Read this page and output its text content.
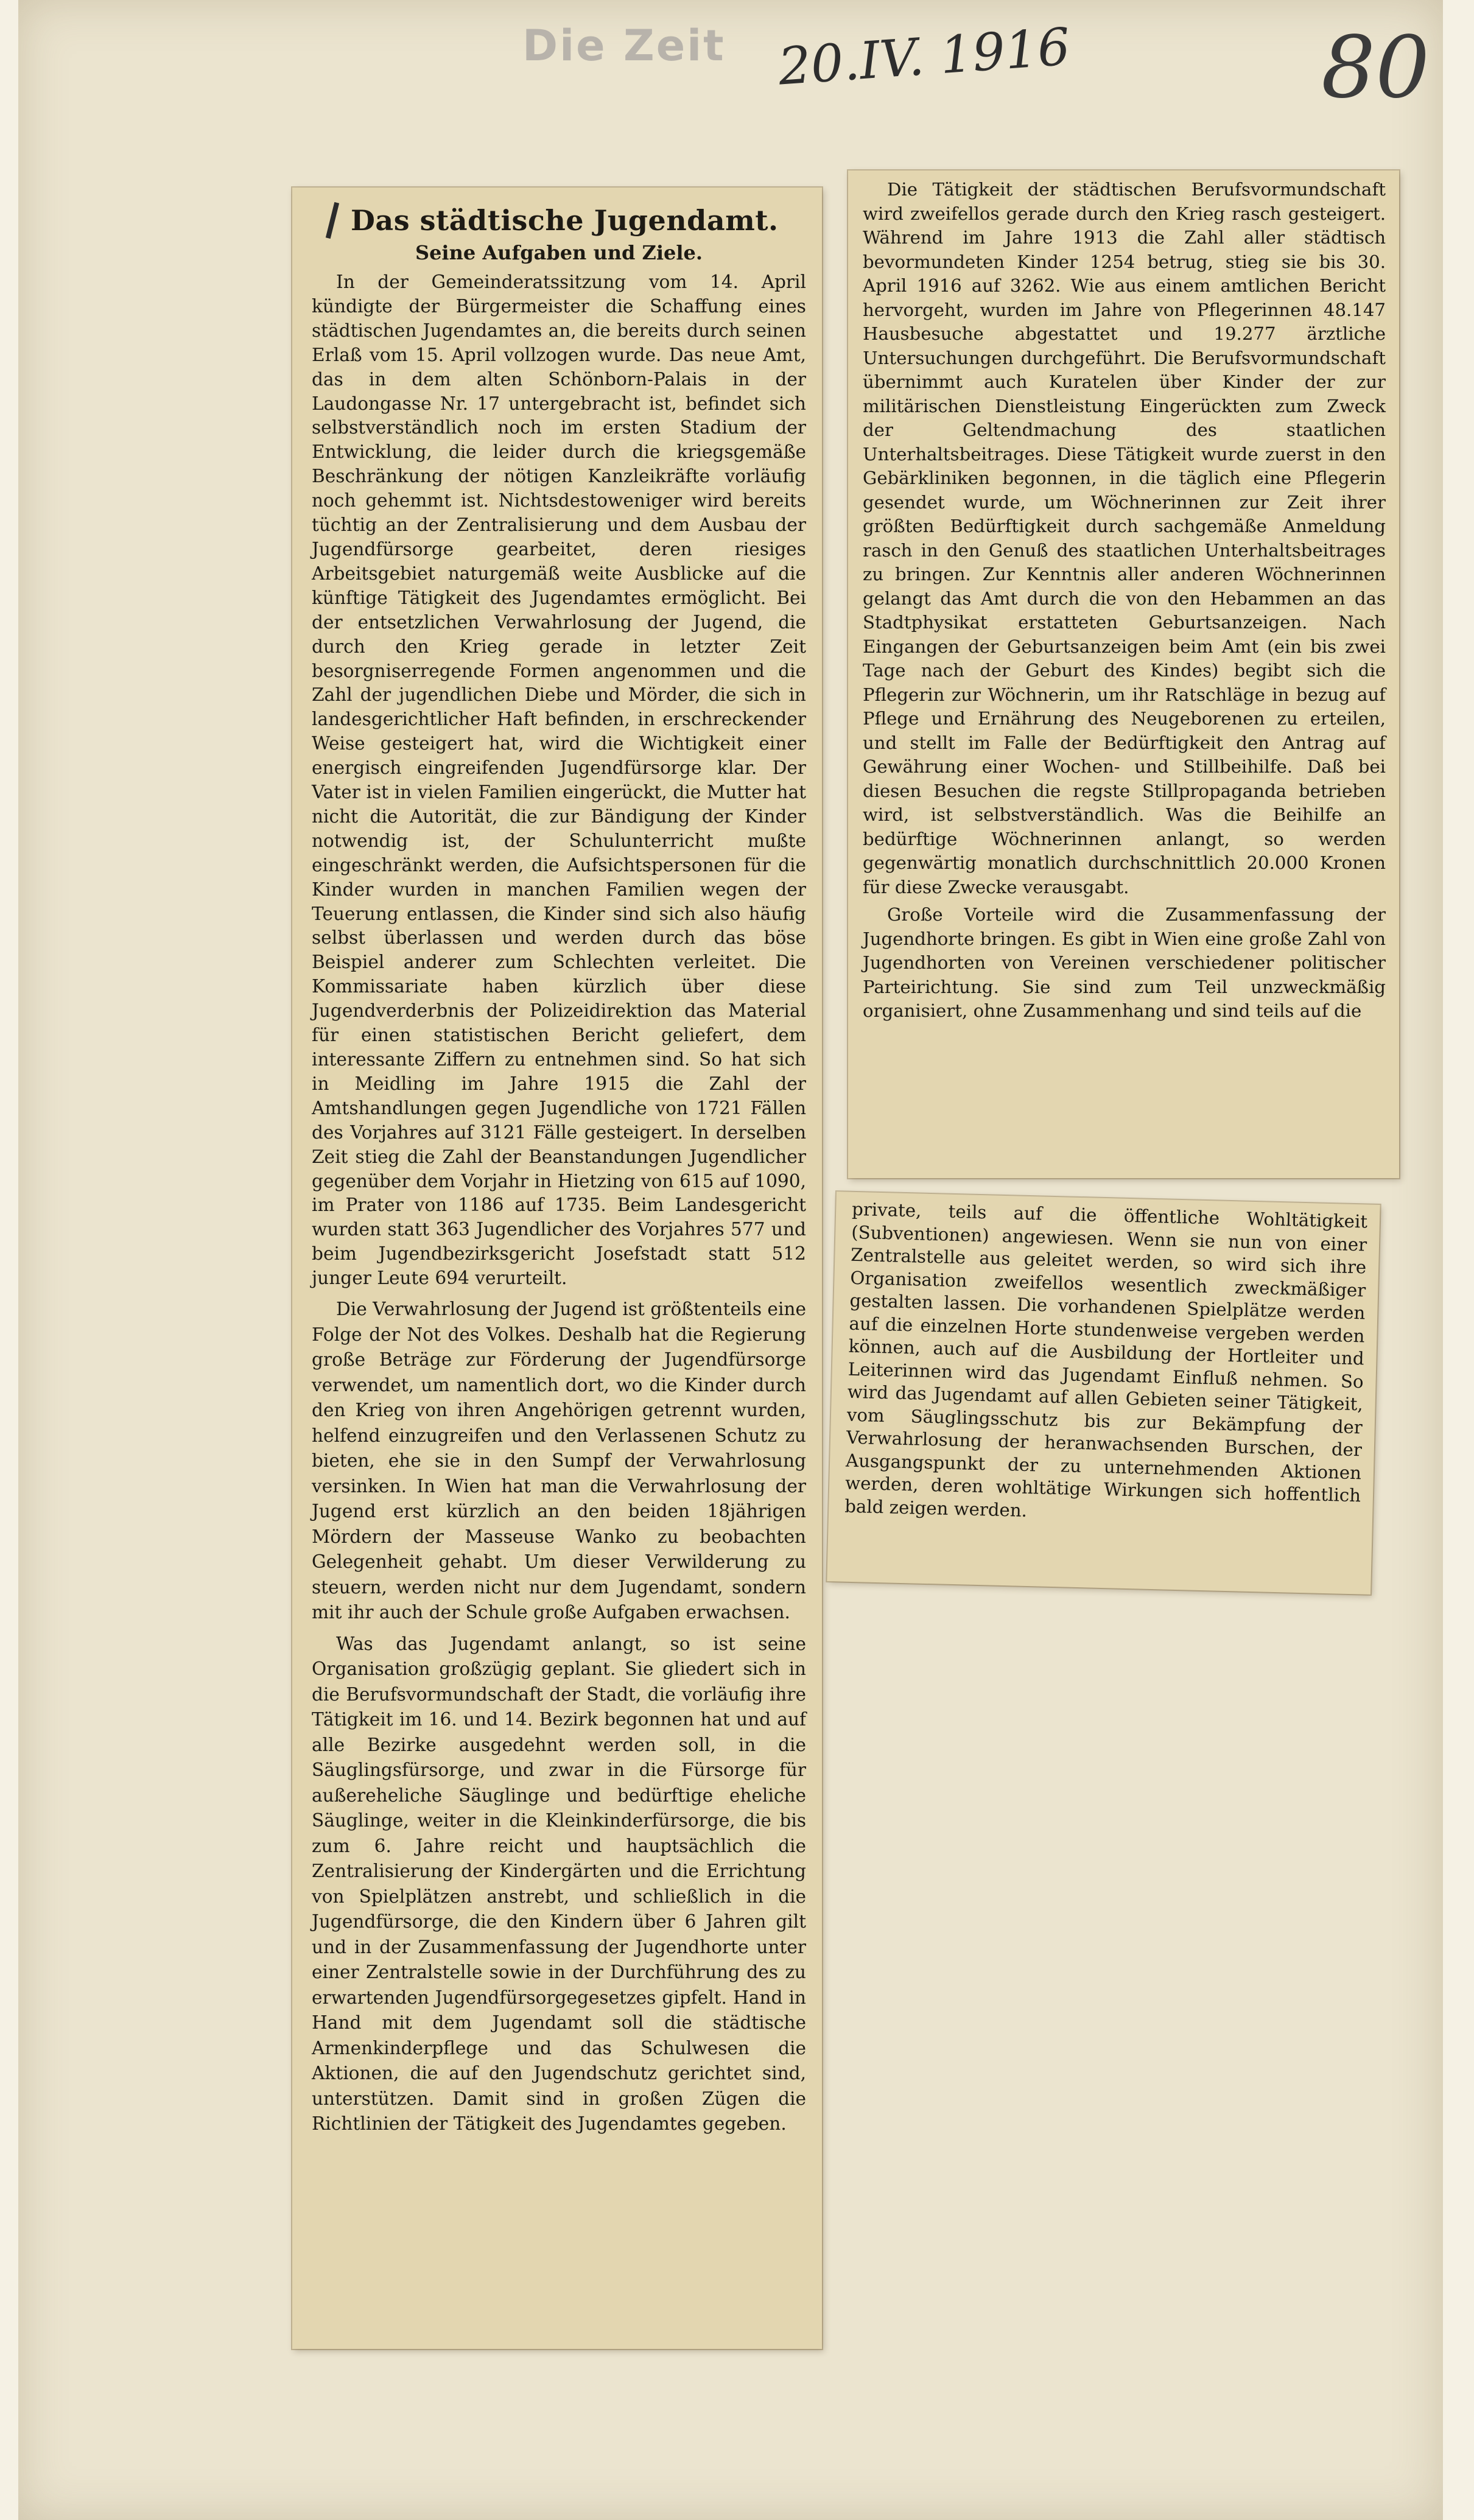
Die Zeit 20.IV. 1916	80
Das städtische Jugendamt.
Seine Aufgaben und Ziele.

In der Gemeinderatssitzung vom 14. April kündigte der Bürgermeister die Schaffung eines städtischen Jugendamtes an, die bereits durch seinen Erlaß vom 15. April vollzogen wurde. Das neue Amt, das in dem alten Schönborn-Palais in der Laudongasse Nr. 17 untergebracht ist, befindet sich selbstverständlich noch im ersten Stadium der Entwicklung, die leider durch die kriegsgemäße Beschränkung der nötigen Kanzleikräfte vorläufig noch gehemmt ist. Nichtsdestoweniger wird bereits tüchtig an der Zentralisierung und dem Ausbau der Jugendfürsorge gearbeitet, deren riesiges Arbeitsgebiet naturgemäß weite Ausblicke auf die künftige Tätigkeit des Jugendamtes ermöglicht. Bei der entsetzlichen Verwahrlosung der Jugend, die durch den Krieg gerade in letzter Zeit besorgniserregende Formen angenommen und die Zahl der jugendlichen Diebe und Mörder, die sich in landesgerichtlicher Haft befinden, in erschreckender Weise gesteigert hat, wird die Wichtigkeit einer energisch eingreifenden Jugendfürsorge klar. Der Vater ist in vielen Familien eingerückt, die Mutter hat nicht die Autorität, die zur Bändigung der Kinder notwendig ist, der Schulunterricht mußte eingeschränkt werden, die Aufsichtspersonen für die Kinder wurden in manchen Familien wegen der Teuerung entlassen, die Kinder sind sich also häufig selbst überlassen und werden durch das böse Beispiel anderer zum Schlechten verleitet. Die Kommissariate haben kürzlich über diese Jugendverderbnis der Polizeidirektion das Material für einen statistischen Bericht geliefert, dem interessante Ziffern zu entnehmen sind. So hat sich in Meidling im Jahre 1915 die Zahl der Amtshandlungen gegen Jugendliche von 1721 Fällen des Vorjahres auf 3121 Fälle gesteigert. In derselben Zeit stieg die Zahl der Beanstandungen Jugendlicher gegenüber dem Vorjahr in Hietzing von 615 auf 1090, im Prater von 1186 auf 1735. Beim Landesgericht wurden statt 363 Jugendlicher des Vorjahres 577 und beim Jugendbezirksgericht Josefstadt statt 512 junger Leute 694 verurteilt.

Die Verwahrlosung der Jugend ist größtenteils eine Folge der Not des Volkes. Deshalb hat die Regierung große Beträge zur Förderung der Jugendfürsorge verwendet, um namentlich dort, wo die Kinder durch den Krieg von ihren Angehörigen getrennt wurden, helfend einzugreifen und den Verlassenen Schutz zu bieten, ehe sie in den Sumpf der Verwahrlosung versinken. In Wien hat man die Verwahrlosung der Jugend erst kürzlich an den beiden 18jährigen Mördern der Masseuse Wanko zu beobachten Gelegenheit gehabt. Um dieser Verwilderung zu steuern, werden nicht nur dem Jugendamt, sondern mit ihr auch der Schule große Aufgaben erwachsen.

Was das Jugendamt anlangt, so ist seine Organisation großzügig geplant. Sie gliedert sich in die Berufsvormundschaft der Stadt, die vorläufig ihre Tätigkeit im 16. und 14. Bezirk begonnen hat und auf alle Bezirke ausgedehnt werden soll, in die Säuglingsfürsorge, und zwar in die Fürsorge für außereheliche Säuglinge und bedürftige eheliche Säuglinge, weiter in die Kleinkinderfürsorge, die bis zum 6. Jahre reicht und hauptsächlich die Zentralisierung der Kindergärten und die Errichtung von Spielplätzen anstrebt, und schließlich in die Jugendfürsorge, die den Kindern über 6 Jahren gilt und in der Zusammenfassung der Jugendhorte unter einer Zentralstelle sowie in der Durchführung des zu erwartenden Jugendfürsorgegesetzes gipfelt. Hand in Hand mit dem Jugendamt soll die städtische Armenkinderpflege und das Schulwesen die Aktionen, die auf den Jugendschutz gerichtet sind, unterstützen. Damit sind in großen Zügen die Richtlinien der Tätigkeit des Jugendamtes gegeben.

Die Tätigkeit der städtischen Berufsvormundschaft wird zweifellos gerade durch den Krieg rasch gesteigert. Während im Jahre 1913 die Zahl aller städtisch bevormundeten Kinder 1254 betrug, stieg sie bis 30. April 1916 auf 3262. Wie aus einem amtlichen Bericht hervorgeht, wurden im Jahre von Pflegerinnen 48.147 Hausbesuche abgestattet und 19.277 ärztliche Untersuchungen durchgeführt. Die Berufsvormundschaft übernimmt auch Kuratelen über Kinder der zur militärischen Dienstleistung Eingerückten zum Zweck der Geltendmachung des staatlichen Unterhaltsbeitrages. Diese Tätigkeit wurde zuerst in den Gebärkliniken begonnen, in die täglich eine Pflegerin gesendet wurde, um Wöchnerinnen zur Zeit ihrer größten Bedürftigkeit durch sachgemäße Anmeldung rasch in den Genuß des staatlichen Unterhaltsbeitrages zu bringen. Zur Kenntnis aller anderen Wöchnerinnen gelangt das Amt durch die von den Hebammen an das Stadtphysikat erstatteten Geburtsanzeigen. Nach Eingangen der Geburtsanzeigen beim Amt (ein bis zwei Tage nach der Geburt des Kindes) begibt sich die Pflegerin zur Wöchnerin, um ihr Ratschläge in bezug auf Pflege und Ernährung des Neugeborenen zu erteilen, und stellt im Falle der Bedürftigkeit den Antrag auf Gewährung einer Wochen- und Stillbeihilfe. Daß bei diesen Besuchen die regste Stillpropaganda betrieben wird, ist selbstverständlich. Was die Beihilfe an bedürftige Wöchnerinnen anlangt, so werden gegenwärtig monatlich durchschnittlich 20.000 Kronen für diese Zwecke verausgabt.

Große Vorteile wird die Zusammenfassung der Jugendhorte bringen. Es gibt in Wien eine große Zahl von Jugendhorten von Vereinen verschiedener politischer Parteirichtung. Sie sind zum Teil unzweckmäßig organisiert, ohne Zusammenhang und sind teils auf die

private, teils auf die öffentliche Wohltätigkeit (Subventionen) angewiesen. Wenn sie nun von einer Zentralstelle aus geleitet werden, so wird sich ihre Organisation zweifellos wesentlich zweckmäßiger gestalten lassen. Die vorhandenen Spielplätze werden auf die einzelnen Horte stundenweise vergeben werden können, auch auf die Ausbildung der Hortleiter und Leiterinnen wird das Jugendamt Einfluß nehmen. So wird das Jugendamt auf allen Gebieten seiner Tätigkeit, vom Säuglingsschutz bis zur Bekämpfung der Verwahrlosung der heranwachsenden Burschen, der Ausgangspunkt der zu unternehmenden Aktionen werden, deren wohltätige Wirkungen sich hoffentlich bald zeigen werden.
